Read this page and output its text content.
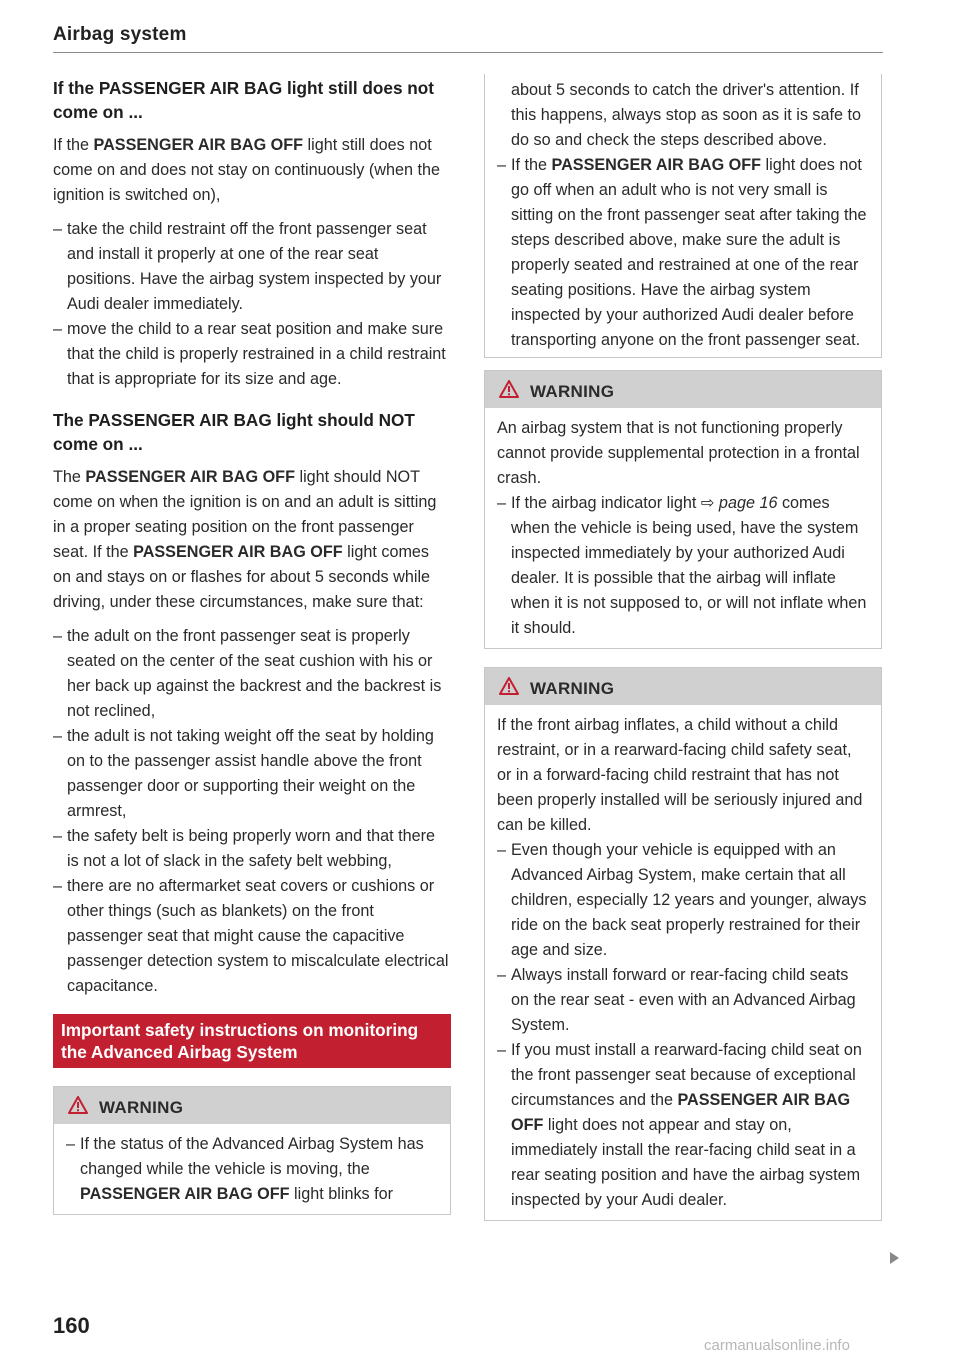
Airbag system
If the PASSENGER AIR BAG light still does not come on ...

If the PASSENGER AIR BAG OFF light still does not come on and does not stay on continuously (when the ignition is switched on),

– take the child restraint off the front passenger seat and install it properly at one of the rear seat positions. Have the airbag system inspected by your Audi dealer immediately.
– move the child to a rear seat position and make sure that the child is properly restrained in a child restraint that is appropriate for its size and age.
The PASSENGER AIR BAG light should NOT come on ...

The PASSENGER AIR BAG OFF light should NOT come on when the ignition is on and an adult is sitting in a proper seating position on the front passenger seat. If the PASSENGER AIR BAG OFF light comes on and stays on or flashes for about 5 seconds while driving, under these circumstances, make sure that:

– the adult on the front passenger seat is properly seated on the center of the seat cushion with his or her back up against the backrest and the backrest is not reclined,
– the adult is not taking weight off the seat by holding on to the passenger assist handle above the front passenger door or supporting their weight on the armrest,
– the safety belt is being properly worn and that there is not a lot of slack in the safety belt webbing,
– there are no aftermarket seat covers or cushions or other things (such as blankets) on the front passenger seat that might cause the capacitive passenger detection system to miscalculate electrical capacitance.
Important safety instructions on monitoring the Advanced Airbag System
WARNING
– If the status of the Advanced Airbag System has changed while the vehicle is moving, the PASSENGER AIR BAG OFF light blinks for
about 5 seconds to catch the driver's attention. If this happens, always stop as soon as it is safe to do so and check the steps described above.
– If the PASSENGER AIR BAG OFF light does not go off when an adult who is not very small is sitting on the front passenger seat after taking the steps described above, make sure the adult is properly seated and restrained at one of the rear seating positions. Have the airbag system inspected by your authorized Audi dealer before transporting anyone on the front passenger seat.
WARNING

An airbag system that is not functioning properly cannot provide supplemental protection in a frontal crash.

– If the airbag indicator light ⇨ page 16 comes when the vehicle is being used, have the system inspected immediately by your authorized Audi dealer. It is possible that the airbag will inflate when it is not supposed to, or will not inflate when it should.
WARNING

If the front airbag inflates, a child without a child restraint, or in a rearward-facing child safety seat, or in a forward-facing child restraint that has not been properly installed will be seriously injured and can be killed.

– Even though your vehicle is equipped with an Advanced Airbag System, make certain that all children, especially 12 years and younger, always ride on the back seat properly restrained for their age and size.
– Always install forward or rear-facing child seats on the rear seat - even with an Advanced Airbag System.
– If you must install a rearward-facing child seat on the front passenger seat because of exceptional circumstances and the PASSENGER AIR BAG OFF light does not appear and stay on, immediately install the rear-facing child seat in a rear seating position and have the airbag system inspected by your Audi dealer.
160
carmanualsonline.info
